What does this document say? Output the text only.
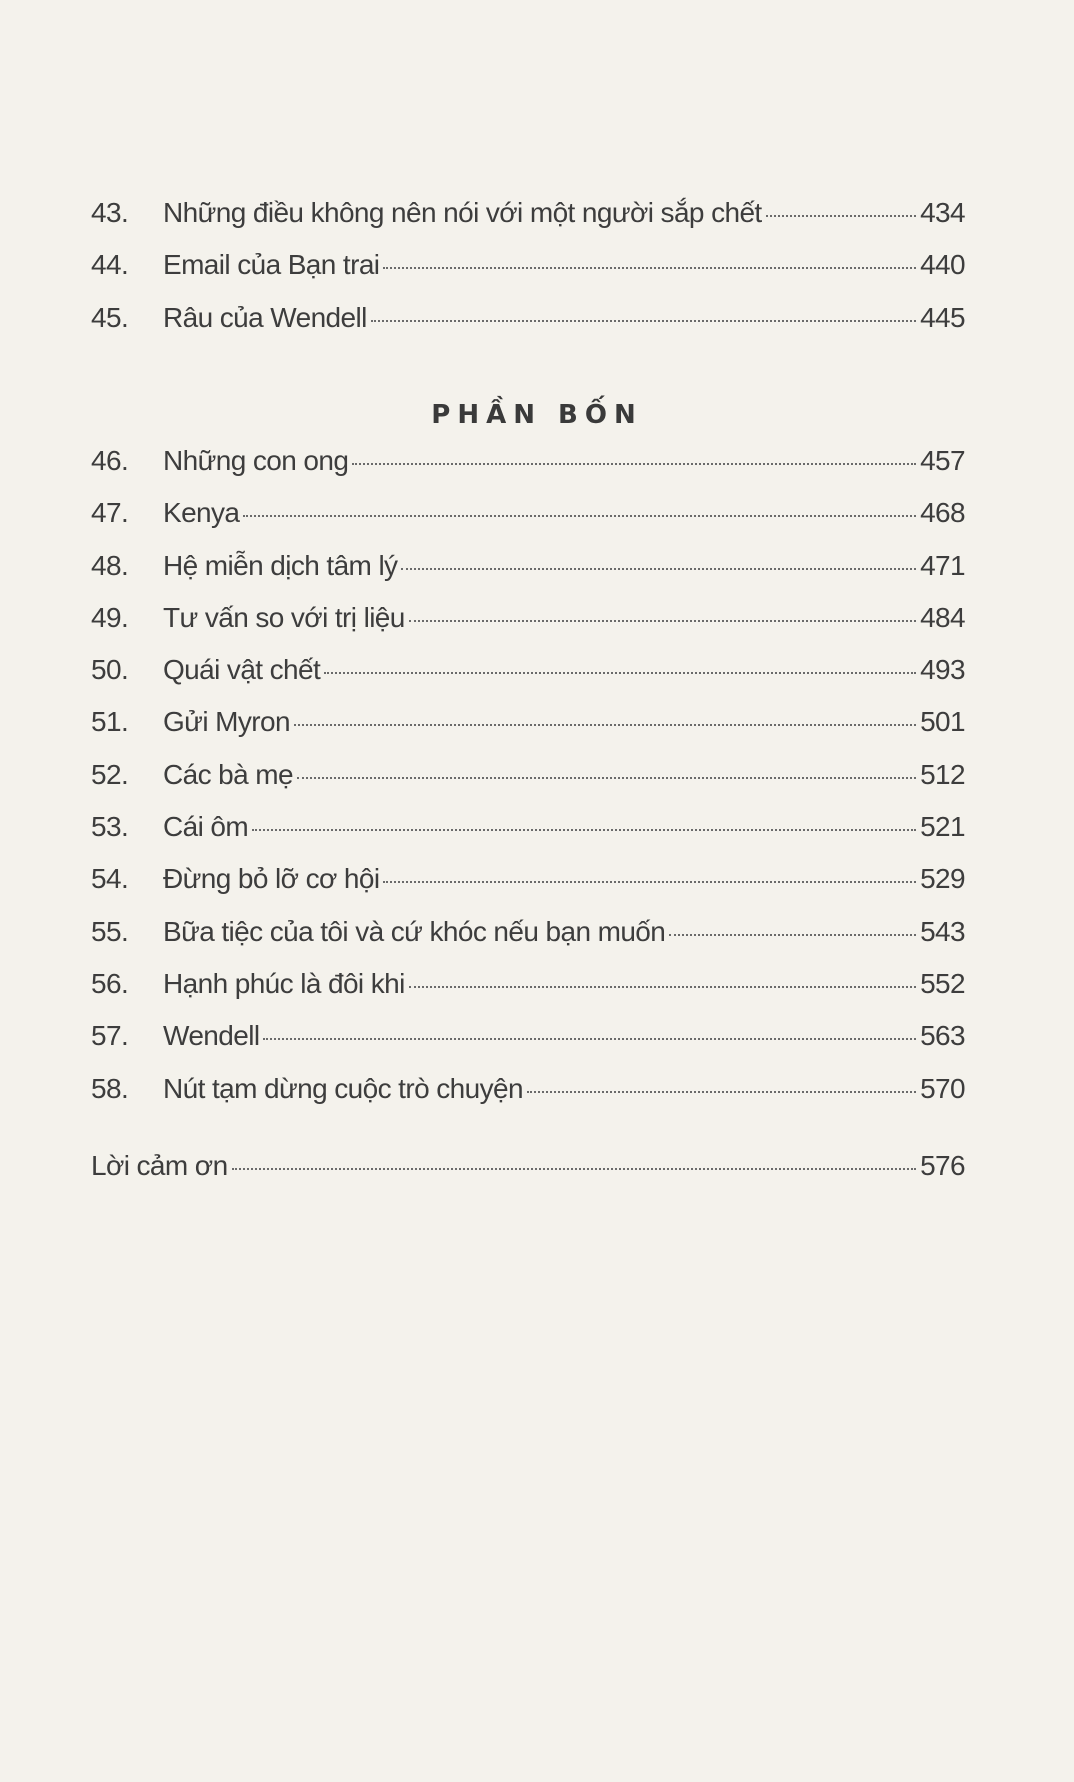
43.	Những điều không nên nói với một người sắp chết	434
44.	Email của Bạn trai	440
45.	Râu của Wendell	445
PHẦN BỐN
46.	Những con ong	457
47.	Kenya	468
48.	Hệ miễn dịch tâm lý	471
49.	Tư vấn so với trị liệu	484
50.	Quái vật chết	493
51.	Gửi Myron	501
52.	Các bà mẹ	512
53.	Cái ôm	521
54.	Đừng bỏ lỡ cơ hội	529
55.	Bữa tiệc của tôi và cứ khóc nếu bạn muốn	543
56.	Hạnh phúc là đôi khi	552
57.	Wendell	563
58.	Nút tạm dừng cuộc trò chuyện	570
Lời cảm ơn	576
